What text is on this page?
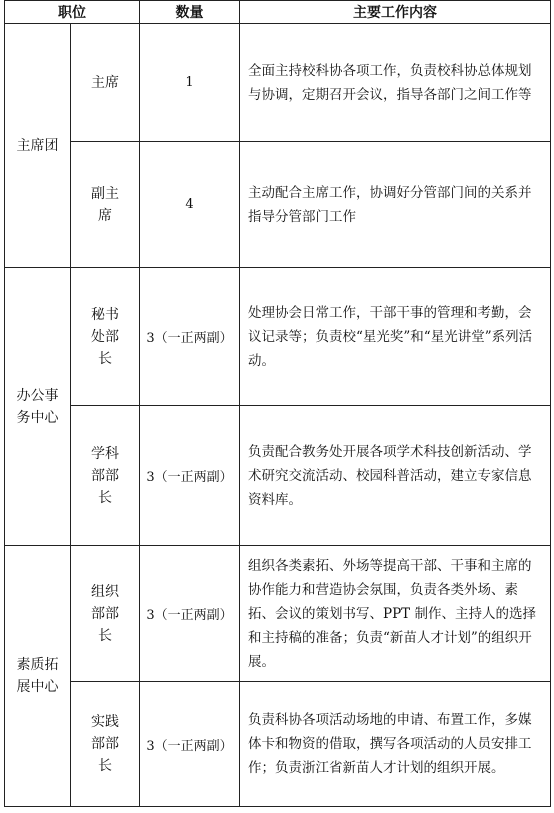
职位		数量	主要工作内容
主席团	主席	1	全面主持校科协各项工作，负责校科协总体规划与协调，定期召开会议，指导各部门之间工作等
	副主席	4	主动配合主席工作，协调好分管部门间的关系并指导分管部门工作
办公事务中心	秘书处部长	3（一正两副）	处理协会日常工作，干部干事的管理和考勤，会议记录等；负责校“星光奖”和“星光讲堂”系列活动。
	学科部部长	3（一正两副）	负责配合教务处开展各项学术科技创新活动、学术研究交流活动、校园科普活动，建立专家信息资料库。
素质拓展中心	组织部部长	3（一正两副）	组织各类素拓、外场等提高干部、干事和主席的协作能力和营造协会氛围，负责各类外场、素拓、会议的策划书写、PPT 制作、主持人的选择和主持稿的准备；负责“新苗人才计划”的组织开展。
	实践部部长	3（一正两副）	负责科协各项活动场地的申请、布置工作，多媒体卡和物资的借取，撰写各项活动的人员安排工作；负责浙江省新苗人才计划的组织开展。
